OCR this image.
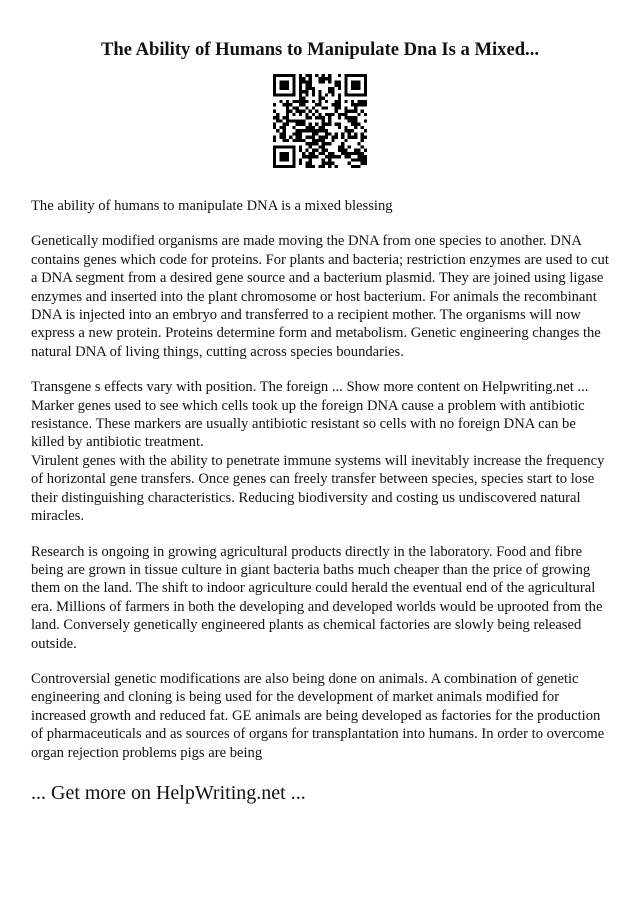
The Ability of Humans to Manipulate Dna Is a Mixed...

The ability of humans to manipulate DNA is a mixed blessing

Genetically modified organisms are made moving the DNA from one species to another. DNA contains genes which code for proteins. For plants and bacteria; restriction enzymes are used to cut a DNA segment from a desired gene source and a bacterium plasmid. They are joined using ligase enzymes and inserted into the plant chromosome or host bacterium. For animals the recombinant DNA is injected into an embryo and transferred to a recipient mother. The organisms will now express a new protein. Proteins determine form and metabolism. Genetic engineering changes the natural DNA of living things, cutting across species boundaries.

Transgene s effects vary with position. The foreign ... Show more content on Helpwriting.net ... Marker genes used to see which cells took up the foreign DNA cause a problem with antibiotic resistance. These markers are usually antibiotic resistant so cells with no foreign DNA can be killed by antibiotic treatment.

Virulent genes with the ability to penetrate immune systems will inevitably increase the frequency of horizontal gene transfers. Once genes can freely transfer between species, species start to lose their distinguishing characteristics. Reducing biodiversity and costing us undiscovered natural miracles.

Research is ongoing in growing agricultural products directly in the laboratory. Food and fibre being are grown in tissue culture in giant bacteria baths much cheaper than the price of growing them on the land. The shift to indoor agriculture could herald the eventual end of the agricultural era. Millions of farmers in both the developing and developed worlds would be uprooted from the land. Conversely genetically engineered plants as chemical factories are slowly being released outside.

Controversial genetic modifications are also being done on animals. A combination of genetic engineering and cloning is being used for the development of market animals modified for increased growth and reduced fat. GE animals are being developed as factories for the production of pharmaceuticals and as sources of organs for transplantation into humans. In order to overcome organ rejection problems pigs are being

... Get more on HelpWriting.net ...
